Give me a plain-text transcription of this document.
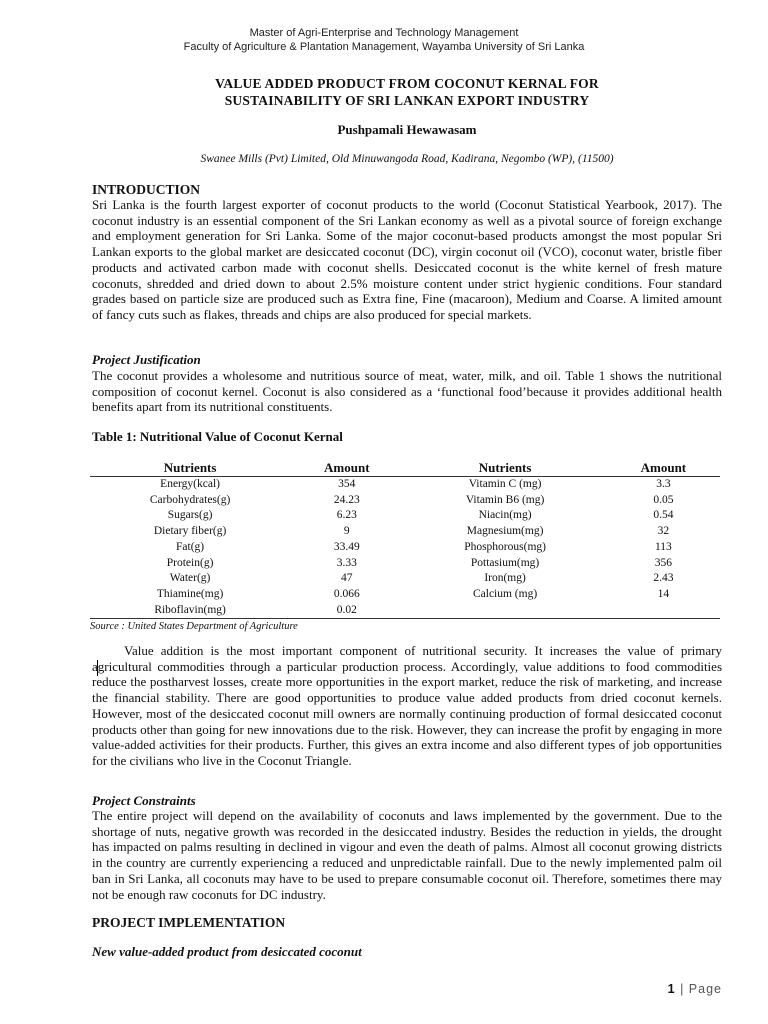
Master of Agri-Enterprise and Technology Management
Faculty of Agriculture & Plantation Management, Wayamba University of Sri Lanka
VALUE ADDED PRODUCT FROM COCONUT KERNAL FOR
SUSTAINABILITY OF SRI LANKAN EXPORT INDUSTRY
Pushpamali Hewawasam
Swanee Mills (Pvt) Limited, Old Minuwangoda Road, Kadirana, Negombo (WP), (11500)
INTRODUCTION
Sri Lanka is the fourth largest exporter of coconut products to the world (Coconut Statistical Yearbook, 2017). The coconut industry is an essential component of the Sri Lankan economy as well as a pivotal source of foreign exchange and employment generation for Sri Lanka. Some of the major coconut-based products amongst the most popular Sri Lankan exports to the global market are desiccated coconut (DC), virgin coconut oil (VCO), coconut water, bristle fiber products and activated carbon made with coconut shells. Desiccated coconut is the white kernel of fresh mature coconuts, shredded and dried down to about 2.5% moisture content under strict hygienic conditions. Four standard grades based on particle size are produced such as Extra fine, Fine (macaroon), Medium and Coarse. A limited amount of fancy cuts such as flakes, threads and chips are also produced for special markets.
Project Justification
The coconut provides a wholesome and nutritious source of meat, water, milk, and oil. Table 1 shows the nutritional composition of coconut kernel. Coconut is also considered as a ‘functional food’because it provides additional health benefits apart from its nutritional constituents.
Table 1: Nutritional Value of Coconut Kernal
Nutrients	Amount	Nutrients	Amount
Energy(kcal)	354	Vitamin C (mg)	3.3
Carbohydrates(g)	24.23	Vitamin B6 (mg)	0.05
Sugars(g)	6.23	Niacin(mg)	0.54
Dietary fiber(g)	9	Magnesium(mg)	32
Fat(g)	33.49	Phosphorous(mg)	113
Protein(g)	3.33	Pottasium(mg)	356
Water(g)	47	Iron(mg)	2.43
Thiamine(mg)	0.066	Calcium (mg)	14
Riboflavin(mg)	0.02		
Source : United States Department of Agriculture			
Value addition is the most important component of nutritional security. It increases the value of primary agricultural commodities through a particular production process. Accordingly, value additions to food commodities reduce the postharvest losses, create more opportunities in the export market, reduce the risk of marketing, and increase the financial stability. There are good opportunities to produce value added products from dried coconut kernels. However, most of the desiccated coconut mill owners are normally continuing production of formal desiccated coconut products other than going for new innovations due to the risk. However, they can increase the profit by engaging in more value-added activities for their products. Further, this gives an extra income and also different types of job opportunities for the civilians who live in the Coconut Triangle.
Project Constraints
The entire project will depend on the availability of coconuts and laws implemented by the government. Due to the shortage of nuts, negative growth was recorded in the desiccated industry. Besides the reduction in yields, the drought has impacted on palms resulting in declined in vigour and even the death of palms. Almost all coconut growing districts in the country are currently experiencing a reduced and unpredictable rainfall. Due to the newly implemented palm oil ban in Sri Lanka, all coconuts may have to be used to prepare consumable coconut oil. Therefore, sometimes there may not be enough raw coconuts for DC industry.
PROJECT IMPLEMENTATION
New value-added product from desiccated coconut
1 | Page
